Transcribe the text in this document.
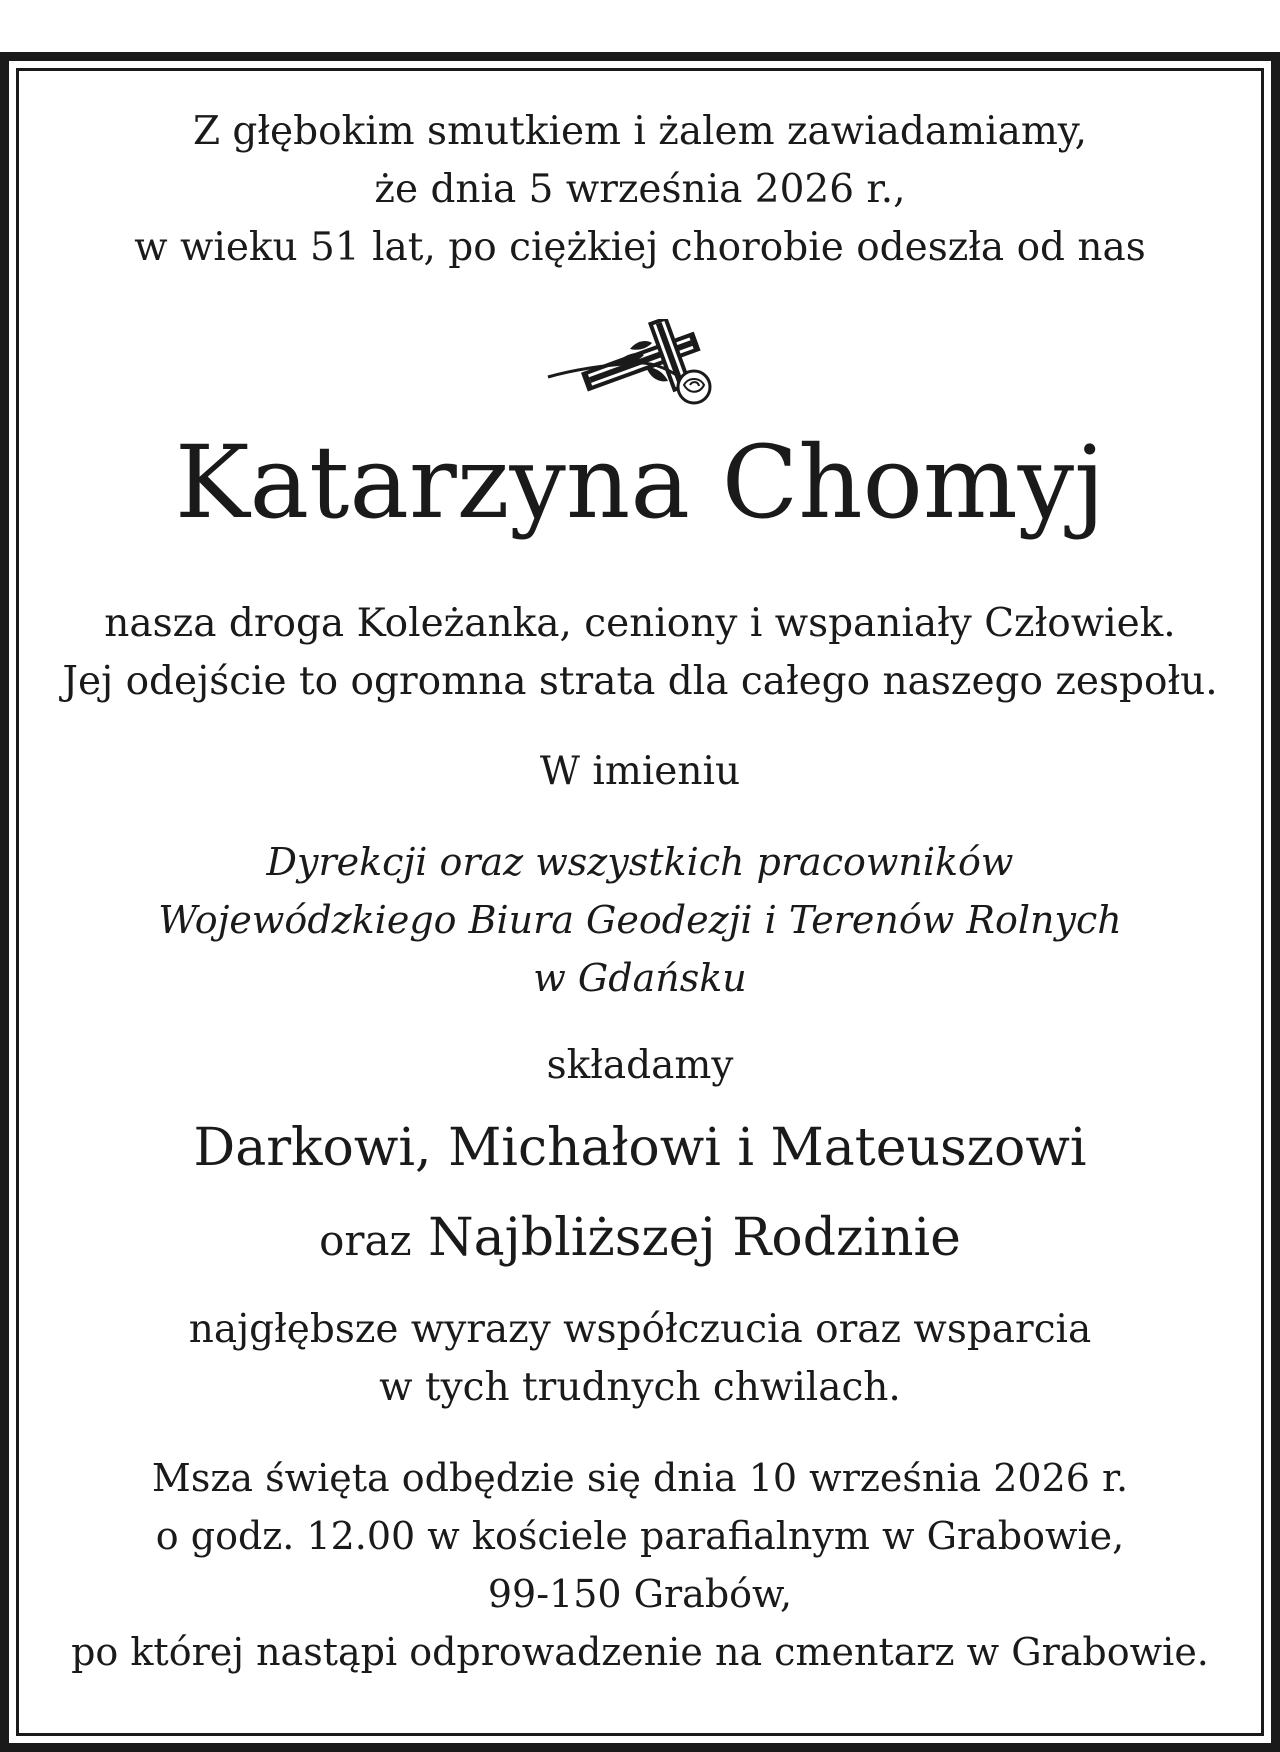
Z głębokim smutkiem i żalem zawiadamiamy,
że dnia 5 września 2026 r.,
w wieku 51 lat, po ciężkiej chorobie odeszła od nas
Katarzyna Chomyj
nasza droga Koleżanka, ceniony i wspaniały Człowiek.
Jej odejście to ogromna strata dla całego naszego zespołu.
W imieniu
Dyrekcji oraz wszystkich pracowników
Wojewódzkiego Biura Geodezji i Terenów Rolnych
w Gdańsku
składamy
Darkowi, Michałowi i Mateuszowi
oraz Najbliższej Rodzinie
najgłębsze wyrazy współczucia oraz wsparcia
w tych trudnych chwilach.
Msza święta odbędzie się dnia 10 września 2026 r.
o godz. 12.00 w kościele parafialnym w Grabowie,
99-150 Grabów,
po której nastąpi odprowadzenie na cmentarz w Grabowie.
